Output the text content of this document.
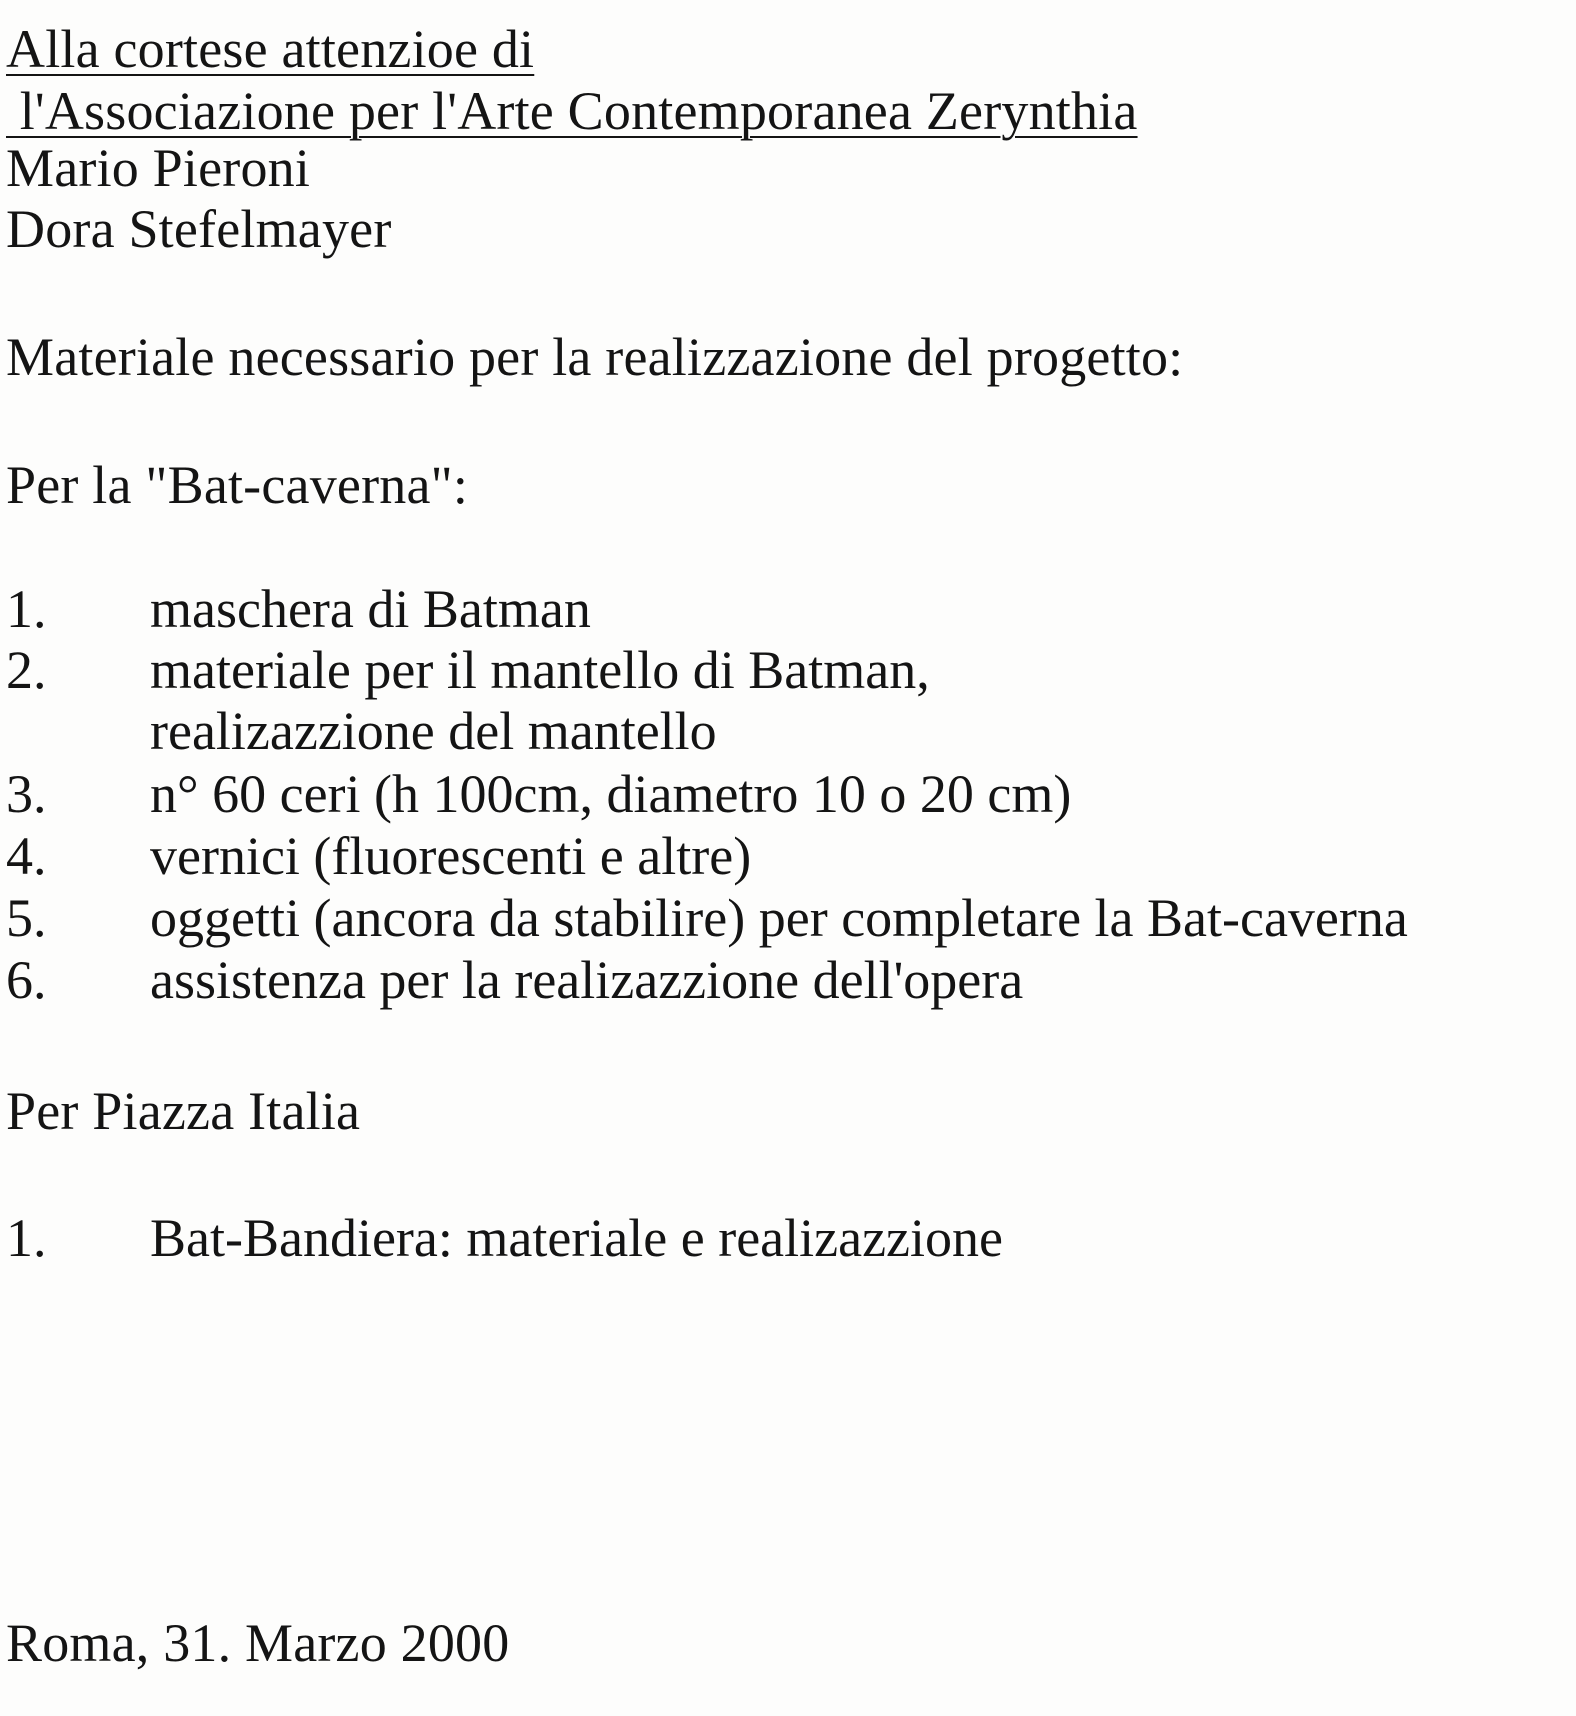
Alla cortese attenzioe di
l'Associazione per l'Arte Contemporanea Zerynthia
Mario Pieroni
Dora Stefelmayer
Materiale necessario per la realizzazione del progetto:
Per la "Bat-caverna":
1. maschera di Batman
2. materiale per il mantello di Batman,
realizazzione del mantello
3. n° 60 ceri (h 100cm, diametro 10 o 20 cm)
4. vernici (fluorescenti e altre)
5. oggetti (ancora da stabilire) per completare la Bat-caverna
6. assistenza per la realizazzione dell'opera
Per Piazza Italia
1. Bat-Bandiera: materiale e realizazzione
Roma, 31. Marzo 2000
